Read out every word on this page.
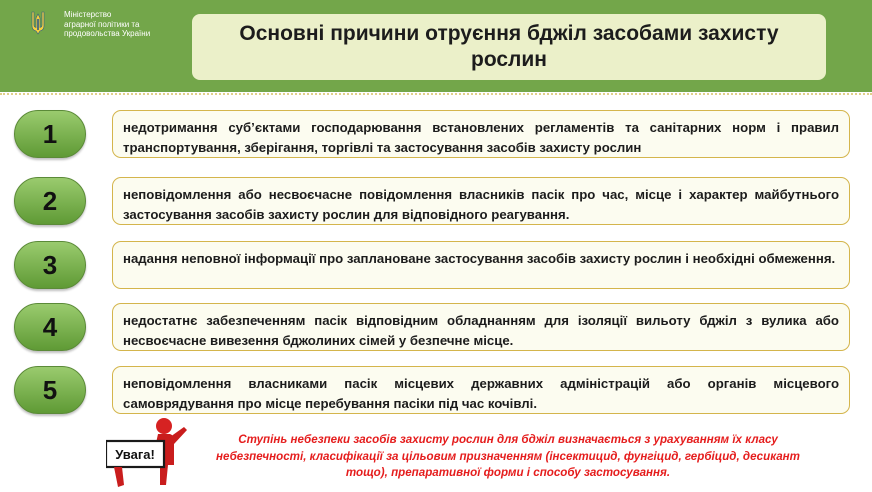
Міністерство
аграрної політики та
продовольства України	Основні причини отруєння бджіл засобами захисту рослин
1	недотримання суб’єктами господарювання встановлених регламентів та санітарних норм і правил транспортування, зберігання, торгівлі та застосування засобів захисту рослин
2	неповідомлення або несвоєчасне повідомлення власників пасік про час, місце і характер майбутнього застосування засобів захисту рослин для відповідного реагування.
3	надання неповної інформації про заплановане застосування засобів захисту рослин і необхідні обмеження.
4	недостатнє забезпеченням пасік відповідним обладнанням для ізоляції вильоту бджіл з вулика або несвоєчасне вивезення бджолиних сімей у безпечне місце.
5	неповідомлення власниками пасік місцевих державних адміністрацій або органів місцевого самоврядування про місце перебування пасіки під час кочівлі.
Увага!
Ступінь небезпеки засобів захисту рослин для бджіл визначається з урахуванням їх класу небезпечності, класифікації за цільовим призначенням (інсектицид, фунгіцид, гербіцид, десикант тощо), препаративної форми і способу застосування.
